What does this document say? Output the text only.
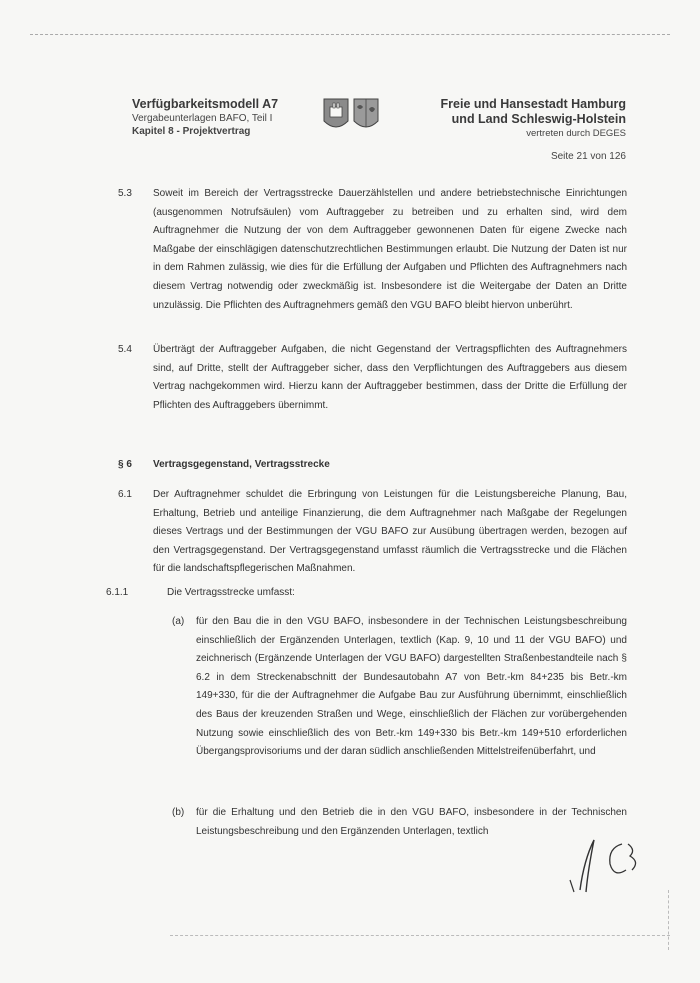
Verfügbarkeitsmodell A7
Vergabeunterlagen BAFO, Teil I
Kapitel 8 - Projektvertrag
Freie und Hansestadt Hamburg
und Land Schleswig-Holstein
vertreten durch DEGES
Seite 21 von 126
5.3 Soweit im Bereich der Vertragsstrecke Dauerzählstellen und andere betriebstechnische Einrichtungen (ausgenommen Notrufsäulen) vom Auftraggeber zu betreiben und zu erhalten sind, wird dem Auftragnehmer die Nutzung der von dem Auftraggeber gewonnenen Daten für eigene Zwecke nach Maßgabe der einschlägigen datenschutzrechtlichen Bestimmungen erlaubt. Die Nutzung der Daten ist nur in dem Rahmen zulässig, wie dies für die Erfüllung der Aufgaben und Pflichten des Auftragnehmers nach diesem Vertrag notwendig oder zweckmäßig ist. Insbesondere ist die Weitergabe der Daten an Dritte unzulässig. Die Pflichten des Auftragnehmers gemäß den VGU BAFO bleibt hiervon unberührt.
5.4 Überträgt der Auftraggeber Aufgaben, die nicht Gegenstand der Vertragspflichten des Auftragnehmers sind, auf Dritte, stellt der Auftraggeber sicher, dass den Verpflichtungen des Auftraggebers aus diesem Vertrag nachgekommen wird. Hierzu kann der Auftraggeber bestimmen, dass der Dritte die Erfüllung der Pflichten des Auftraggebers übernimmt.
§ 6 Vertragsgegenstand, Vertragsstrecke
6.1 Der Auftragnehmer schuldet die Erbringung von Leistungen für die Leistungsbereiche Planung, Bau, Erhaltung, Betrieb und anteilige Finanzierung, die dem Auftragnehmer nach Maßgabe der Regelungen dieses Vertrags und der Bestimmungen der VGU BAFO zur Ausübung übertragen werden, bezogen auf den Vertragsgegenstand. Der Vertragsgegenstand umfasst räumlich die Vertragsstrecke und die Flächen für die landschaftspflegerischen Maßnahmen.
6.1.1	Die Vertragsstrecke umfasst:
(a) für den Bau die in den VGU BAFO, insbesondere in der Technischen Leistungsbeschreibung einschließlich der Ergänzenden Unterlagen, textlich (Kap. 9, 10 und 11 der VGU BAFO) und zeichnerisch (Ergänzende Unterlagen der VGU BAFO) dargestellten Straßenbestandteile nach § 6.2 in dem Streckenabschnitt der Bundesautobahn A7 von Betr.-km 84+235 bis Betr.-km 149+330, für die der Auftragnehmer die Aufgabe Bau zur Ausführung übernimmt, einschließlich des Baus der kreuzenden Straßen und Wege, einschließlich der Flächen zur vorübergehenden Nutzung sowie einschließlich des von Betr.-km 149+330 bis Betr.-km 149+510 erforderlichen Übergangsprovisoriums und der daran südlich anschließenden Mittelstreifenüberfahrt, und
(b) für die Erhaltung und den Betrieb die in den VGU BAFO, insbesondere in der Technischen Leistungsbeschreibung und den Ergänzenden Unterlagen, textlich
